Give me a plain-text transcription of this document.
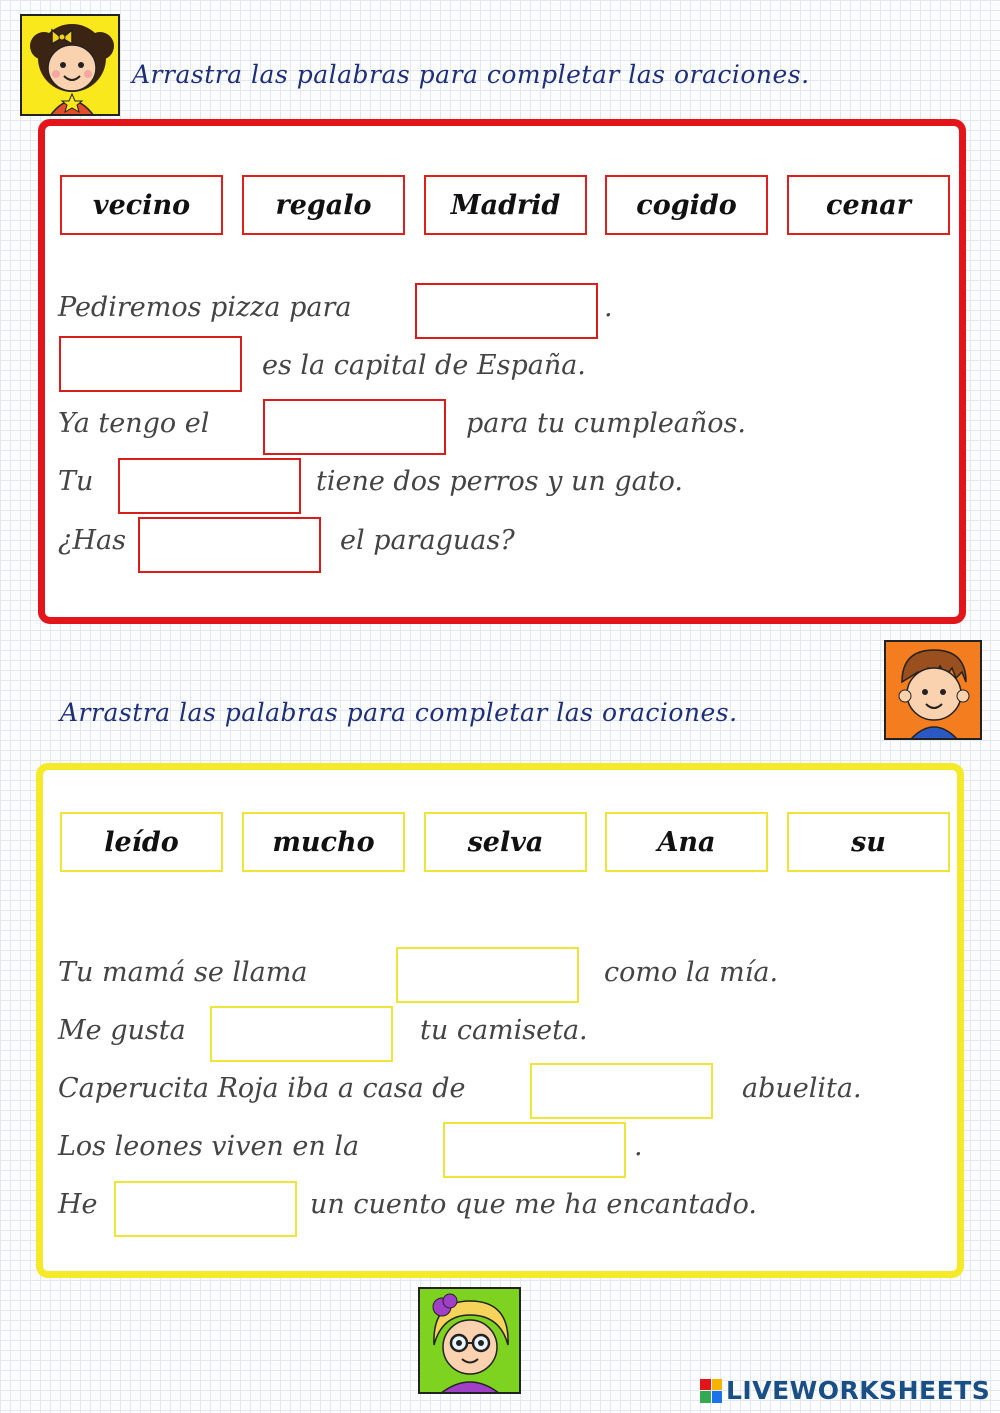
Arrastra las palabras para completar las oraciones.
vecino	regalo	Madrid	cogido	cenar
Pediremos pizza para	.
es la capital de España.
Ya tengo el	para tu cumpleaños.
Tu	tiene dos perros y un gato.
¿Has	el paraguas?
Arrastra las palabras para completar las oraciones.
leído	mucho	selva	Ana	su
Tu mamá se llama	como la mía.
Me gusta	tu camiseta.
Caperucita Roja iba a casa de	abuelita.
Los leones viven en la	.
He	un cuento que me ha encantado.
LIVEWORKSHEETS
